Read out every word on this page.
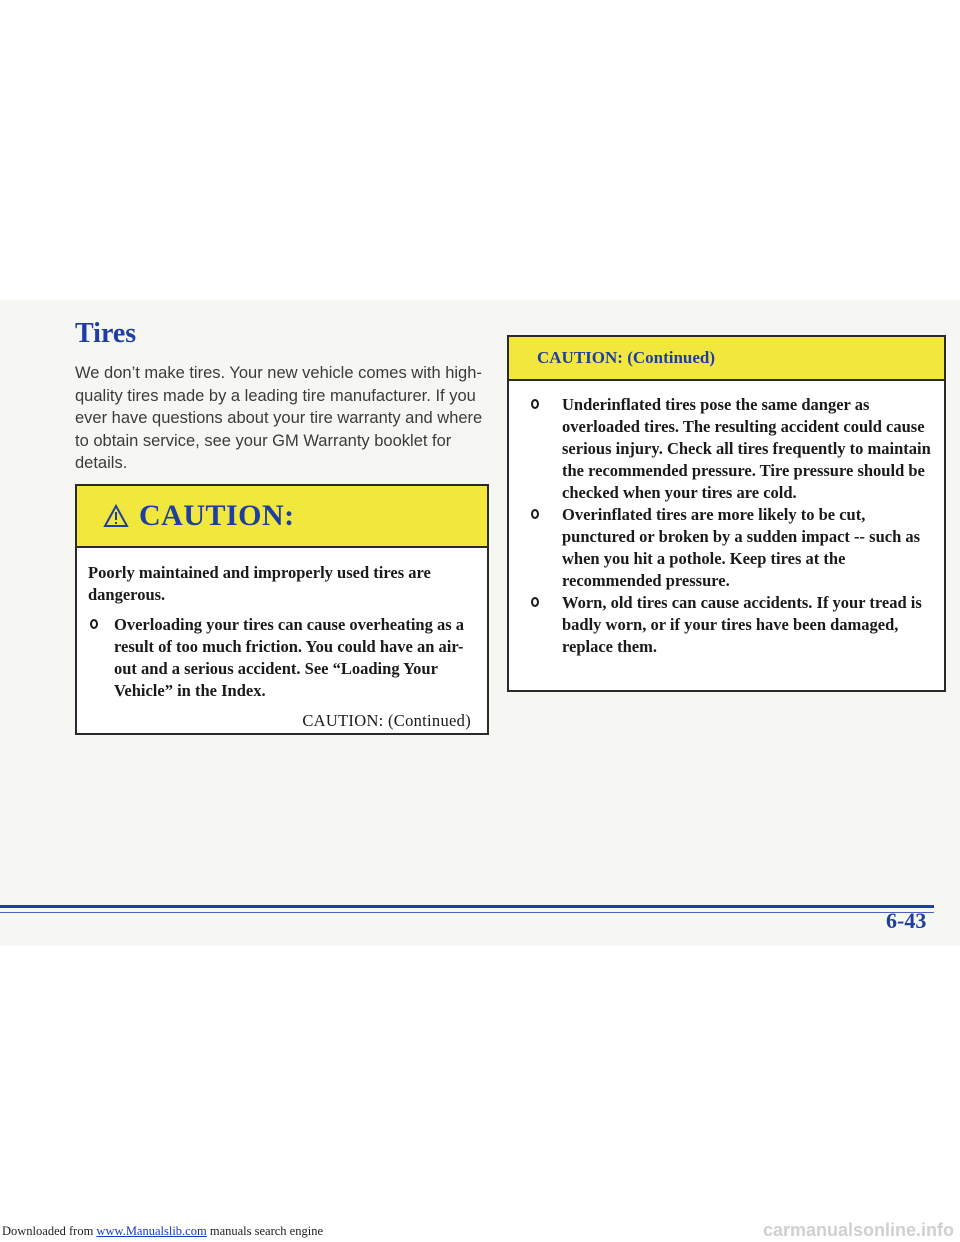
Tires

We don’t make tires. Your new vehicle comes with high-quality tires made by a leading tire manufacturer. If you ever have questions about your tire warranty and where to obtain service, see your GM Warranty booklet for details.

CAUTION:

Poorly maintained and improperly used tires are dangerous.

Overloading your tires can cause overheating as a result of too much friction. You could have an air-out and a serious accident. See “Loading Your Vehicle” in the Index.
CAUTION: (Continued)
CAUTION: (Continued)
Underinflated tires pose the same danger as overloaded tires. The resulting accident could cause serious injury. Check all tires frequently to maintain the recommended pressure. Tire pressure should be checked when your tires are cold.
Overinflated tires are more likely to be cut, punctured or broken by a sudden impact -- such as when you hit a pothole. Keep tires at the recommended pressure.
Worn, old tires can cause accidents. If your tread is badly worn, or if your tires have been damaged, replace them.
6-43
Downloaded from www.Manualslib.com manuals search engine	carmanualsonline.info
